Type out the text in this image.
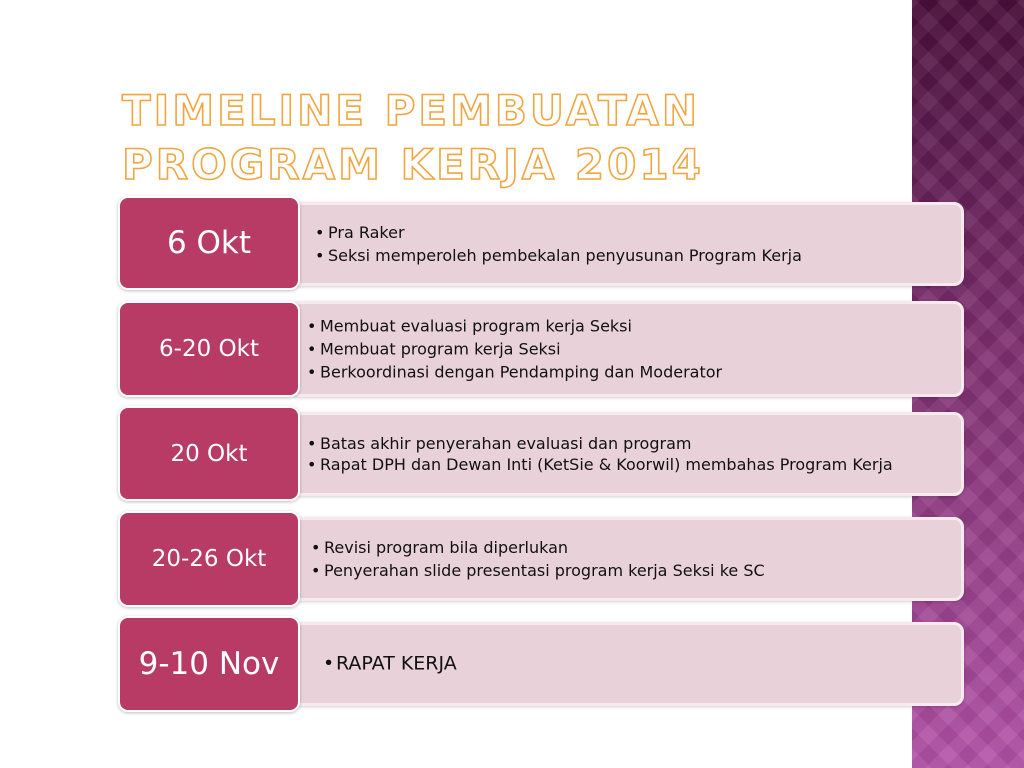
TIMELINE PEMBUATAN PROGRAM KERJA 2014
• Pra Raker
• Seksi memperoleh pembekalan penyusunan Program Kerja
6 Okt
• Membuat evaluasi program kerja Seksi
• Membuat program kerja Seksi
• Berkoordinasi dengan Pendamping dan Moderator
6-20 Okt
• Batas akhir penyerahan evaluasi dan program
• Rapat DPH dan Dewan Inti (KetSie & Koorwil) membahas Program Kerja
20 Okt
• Revisi program bila diperlukan
• Penyerahan slide presentasi program kerja Seksi ke SC
20-26 Okt
• RAPAT KERJA
9-10 Nov
